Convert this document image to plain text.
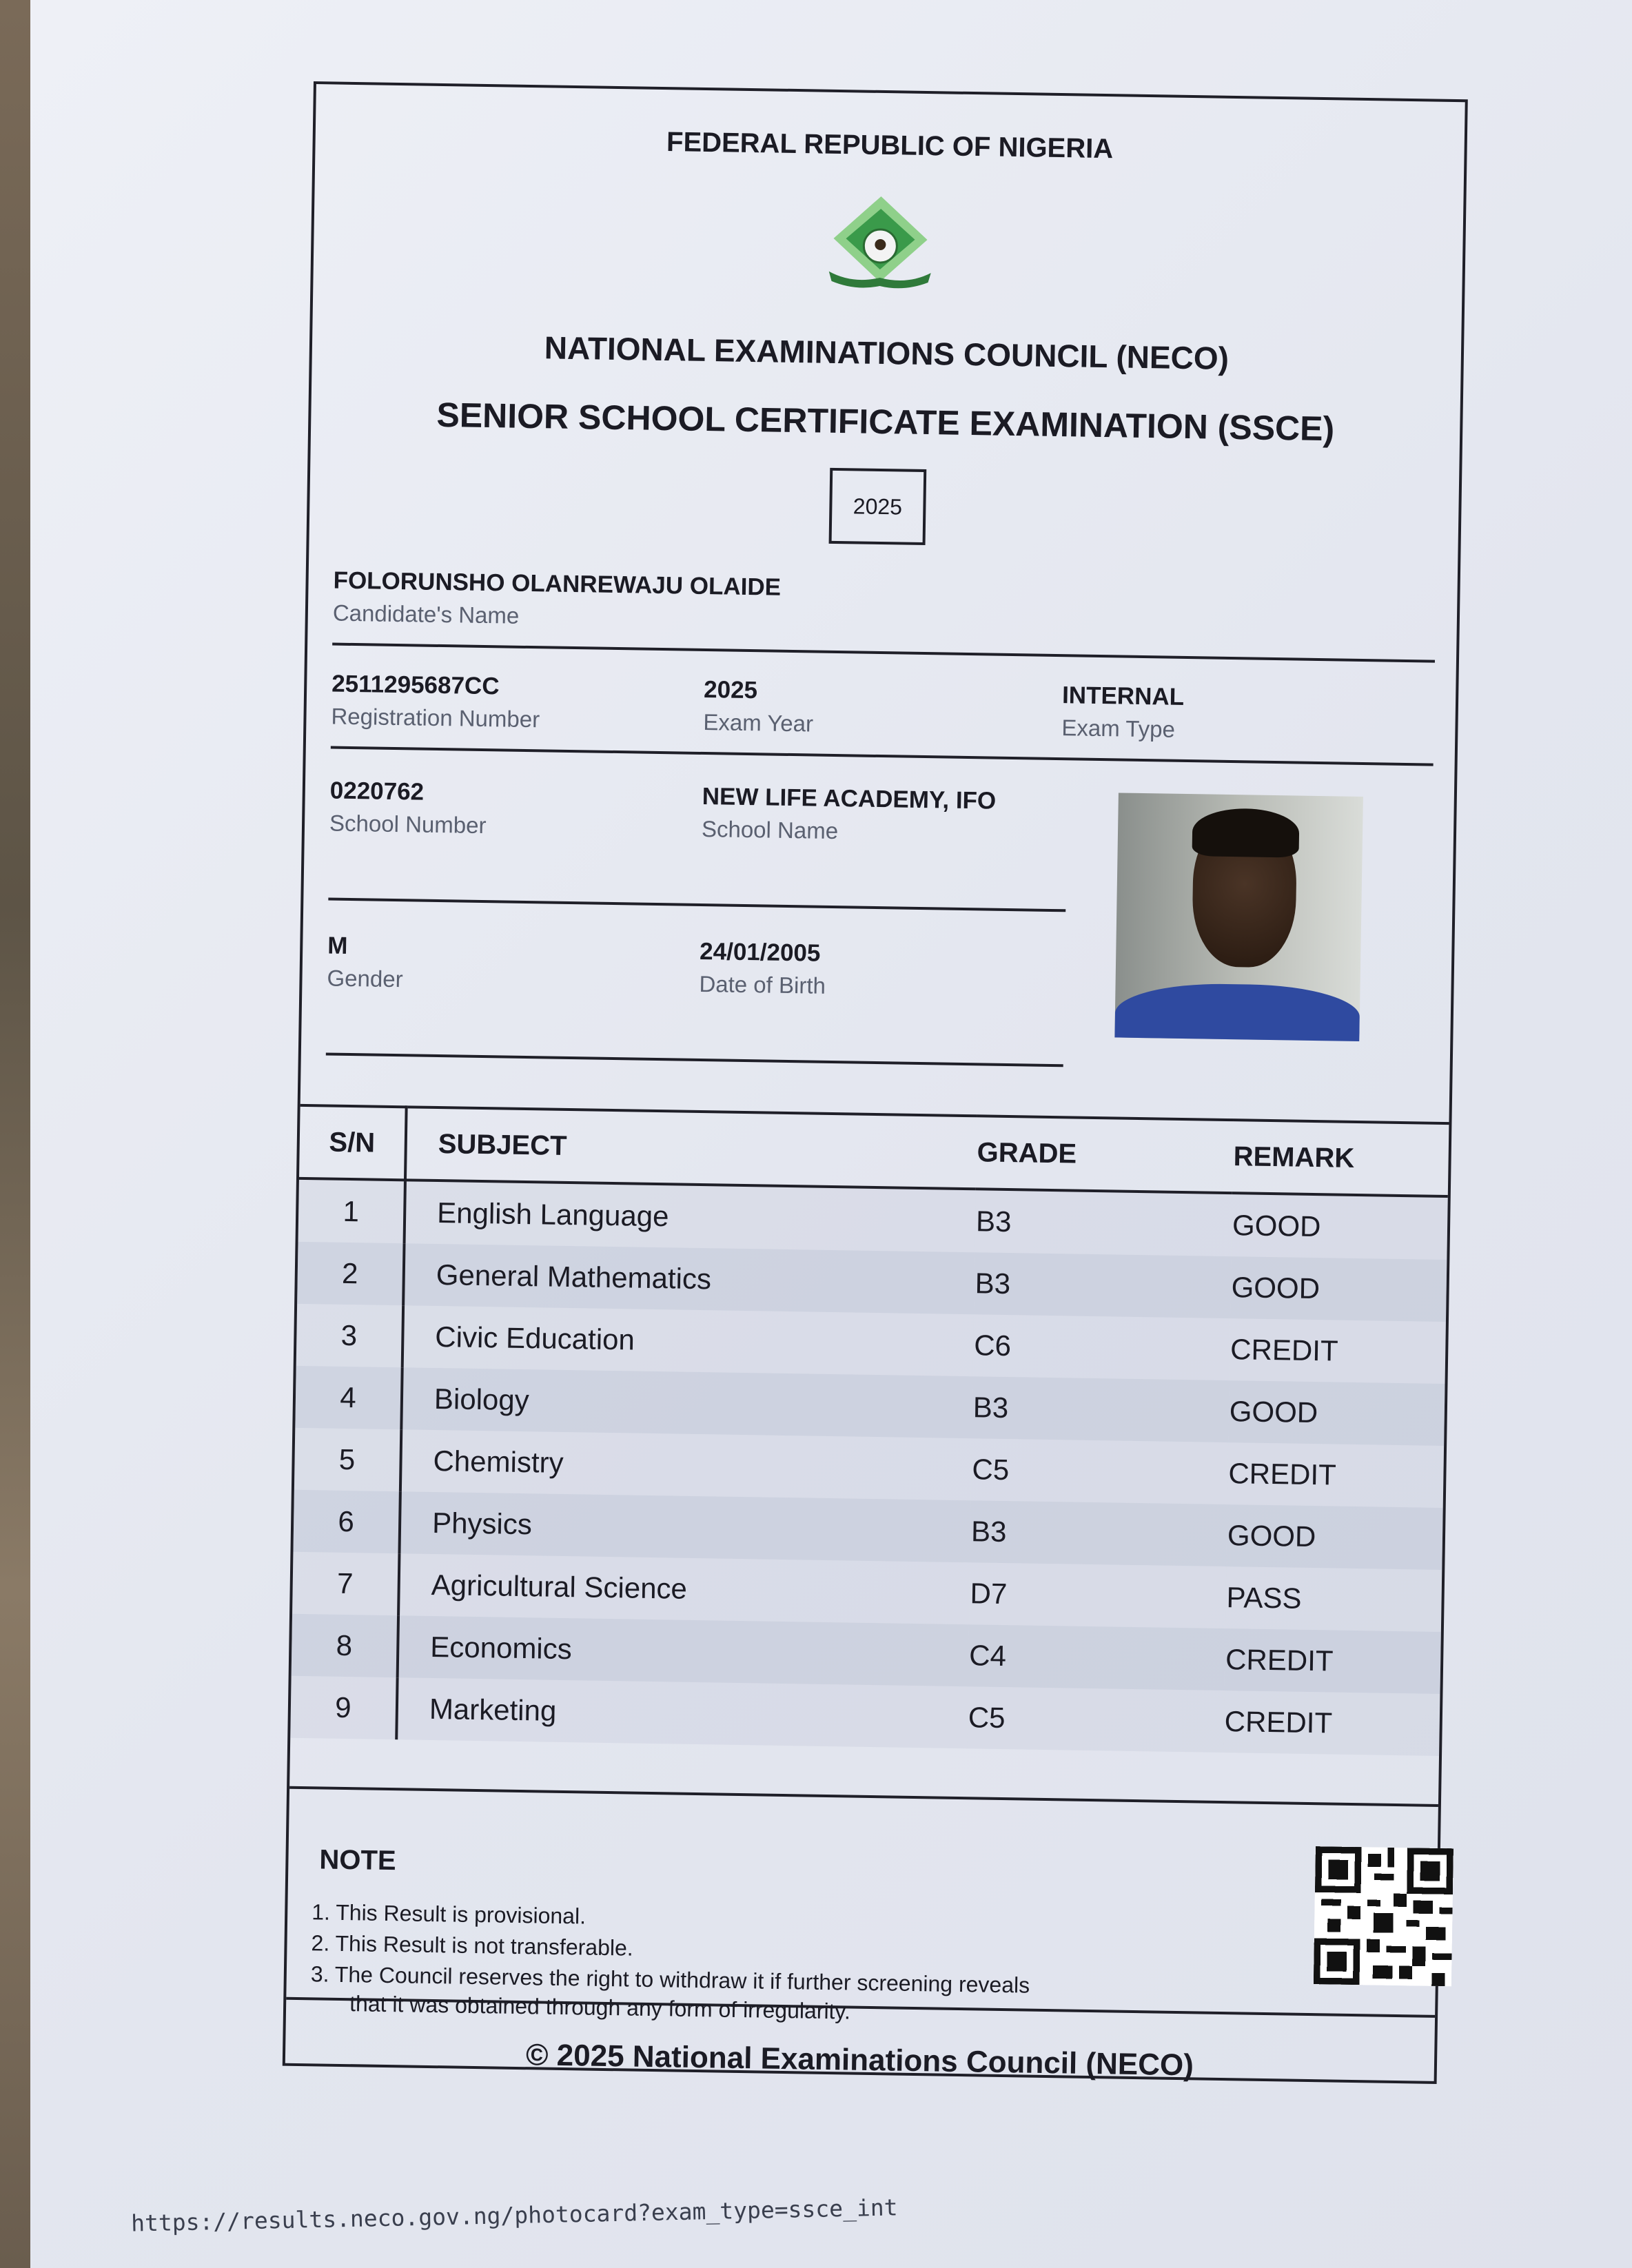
FEDERAL REPUBLIC OF NIGERIA
NATIONAL EXAMINATIONS COUNCIL (NECO)
SENIOR SCHOOL CERTIFICATE EXAMINATION (SSCE)
2025
FOLORUNSHO OLANREWAJU OLAIDE
Candidate's Name
2511295687CC
Registration Number
2025
Exam Year
INTERNAL
Exam Type
0220762
School Number
NEW LIFE ACADEMY, IFO
School Name
M
Gender
24/01/2005
Date of Birth
S/N	SUBJECT	GRADE	REMARK
1	English Language	B3	GOOD
2	General Mathematics	B3	GOOD
3	Civic Education	C6	CREDIT
4	Biology	B3	GOOD
5	Chemistry	C5	CREDIT
6	Physics	B3	GOOD
7	Agricultural Science	D7	PASS
8	Economics	C4	CREDIT
9	Marketing	C5	CREDIT
NOTE
1. This Result is provisional.
2. This Result is not transferable.
3. The Council reserves the right to withdraw it if further screening reveals
that it was obtained through any form of irregularity.
© 2025 National Examinations Council (NECO)
https://results.neco.gov.ng/photocard?exam_type=ssce_int
